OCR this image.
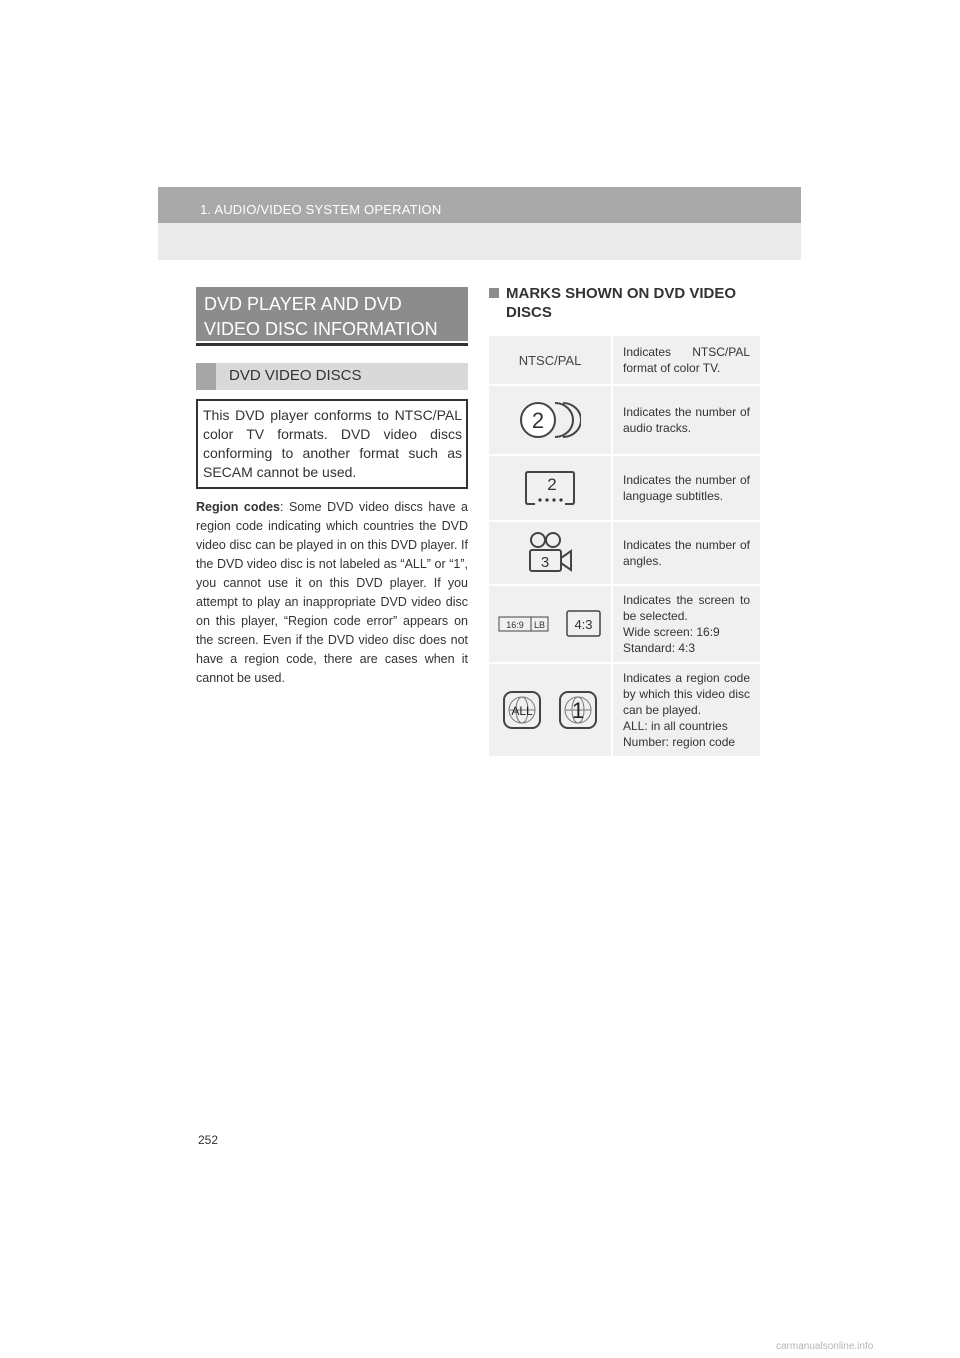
1. AUDIO/VIDEO SYSTEM OPERATION
DVD PLAYER AND DVD
VIDEO DISC INFORMATION
DVD VIDEO DISCS
This DVD player conforms to NTSC/PAL color TV formats. DVD video discs conforming to another format such as SECAM cannot be used.

Region codes: Some DVD video discs have a region code indicating which countries the DVD video disc can be played in on this DVD player. If the DVD video disc is not labeled as “ALL” or “1”, you cannot use it on this DVD player. If you attempt to play an inappropriate DVD video disc on this player, “Region code error” appears on the screen. Even if the DVD video disc does not have a region code, there are cases when it cannot be used.

MARKS SHOWN ON DVD VIDEO
DISCS
NTSC/PAL
Indicates NTSC/PAL format of color TV.
2	Indicates the number of audio tracks.
2	Indicates the number of language subtitles.
3
Indicates the number of angles.
16:9 LB 4:3
Indicates the screen to be selected.
Wide screen: 16:9
Standard: 4:3
ALL 1
Indicates a region code by which this video disc can be played.
ALL: in all countries
Number: region code
252
carmanualsonline.info
